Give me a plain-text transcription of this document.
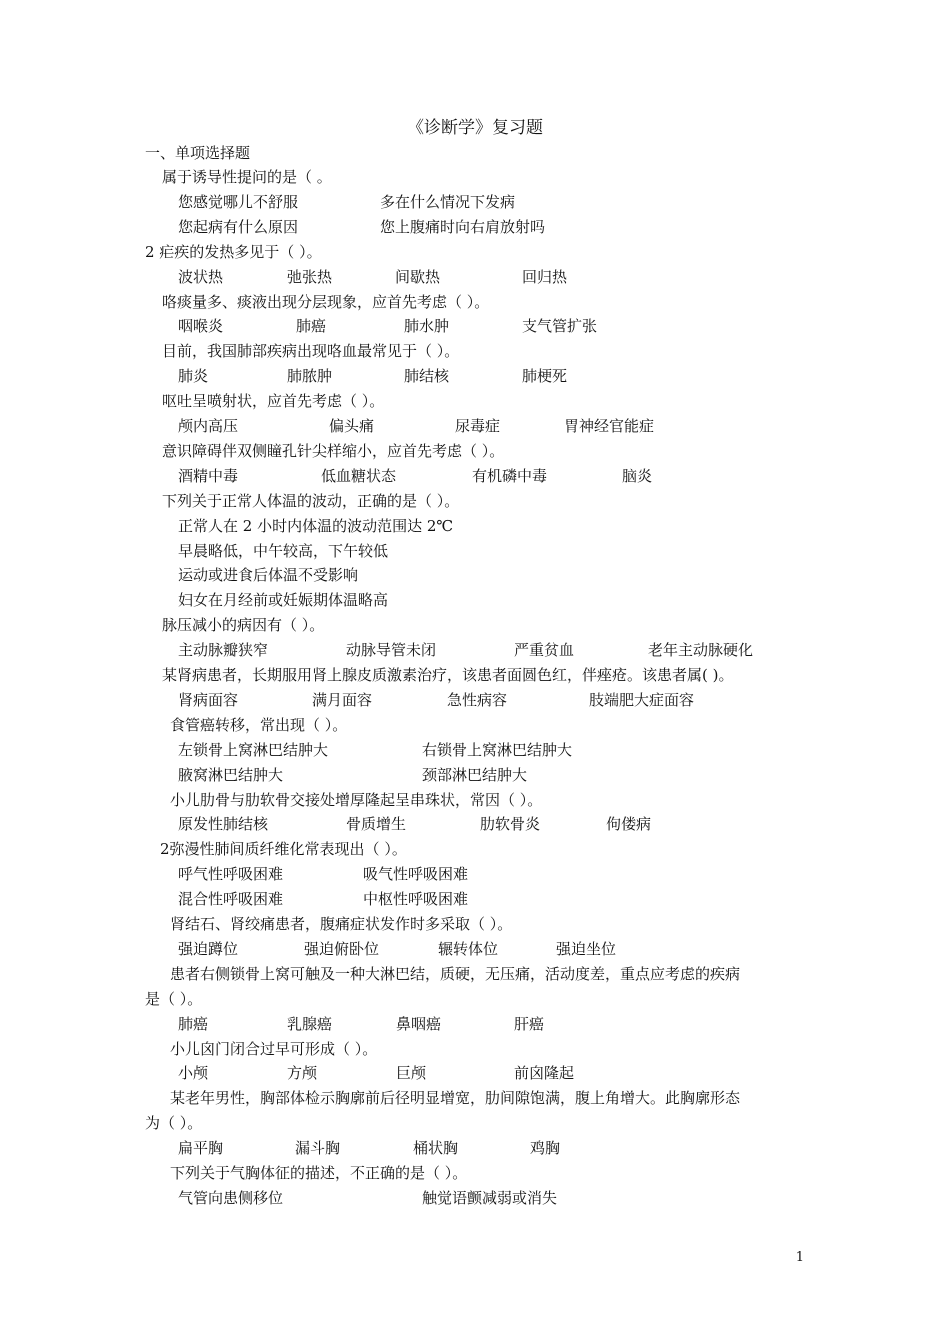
《诊断学》复习题
一、单项选择题
属于诱导性提问的是（ 。
您感觉哪儿不舒服	多在什么情况下发病
您起病有什么原因	您上腹痛时向右肩放射吗
2 疟疾的发热多见于（ ）。
波状热	弛张热	间歇热	回归热
咯痰量多、痰液出现分层现象，应首先考虑（ ）。
咽喉炎	肺癌	肺水肿	支气管扩张
目前，我国肺部疾病出现咯血最常见于（ ）。
肺炎	肺脓肿	肺结核	肺梗死
呕吐呈喷射状，应首先考虑（ ）。
颅内高压	偏头痛	尿毒症	胃神经官能症
意识障碍伴双侧瞳孔针尖样缩小，应首先考虑（ ）。
酒精中毒	低血糖状态	有机磷中毒	脑炎
下列关于正常人体温的波动，正确的是（ ）。
正常人在 2 小时内体温的波动范围达 2℃
早晨略低，中午较高，下午较低
运动或进食后体温不受影响
妇女在月经前或妊娠期体温略高
脉压减小的病因有（ ）。
主动脉瓣狭窄	动脉导管未闭	严重贫血	老年主动脉硬化
某肾病患者，长期服用肾上腺皮质激素治疗，该患者面圆色红，伴痤疮。该患者属( )。
肾病面容	满月面容	急性病容	肢端肥大症面容
食管癌转移，常出现（ ）。
左锁骨上窝淋巴结肿大	右锁骨上窝淋巴结肿大
腋窝淋巴结肿大	颈部淋巴结肿大
小儿肋骨与肋软骨交接处增厚隆起呈串珠状，常因（ ）。
原发性肺结核	骨质增生	肋软骨炎	佝偻病
2弥漫性肺间质纤维化常表现出（ ）。
呼气性呼吸困难	吸气性呼吸困难
混合性呼吸困难	中枢性呼吸困难
肾结石、肾绞痛患者，腹痛症状发作时多采取（ ）。
强迫蹲位	强迫俯卧位	辗转体位	强迫坐位
患者右侧锁骨上窝可触及一种大淋巴结，质硬，无压痛，活动度差，重点应考虑的疾病
是（ ）。
肺癌	乳腺癌	鼻咽癌	肝癌
小儿囟门闭合过早可形成（ ）。
小颅	方颅	巨颅	前囟隆起
某老年男性，胸部体检示胸廓前后径明显增宽，肋间隙饱满，腹上角增大。此胸廓形态
为（ ）。
扁平胸	漏斗胸	桶状胸	鸡胸
下列关于气胸体征的描述，不正确的是（ ）。
气管向患侧移位	触觉语颤减弱或消失
1
